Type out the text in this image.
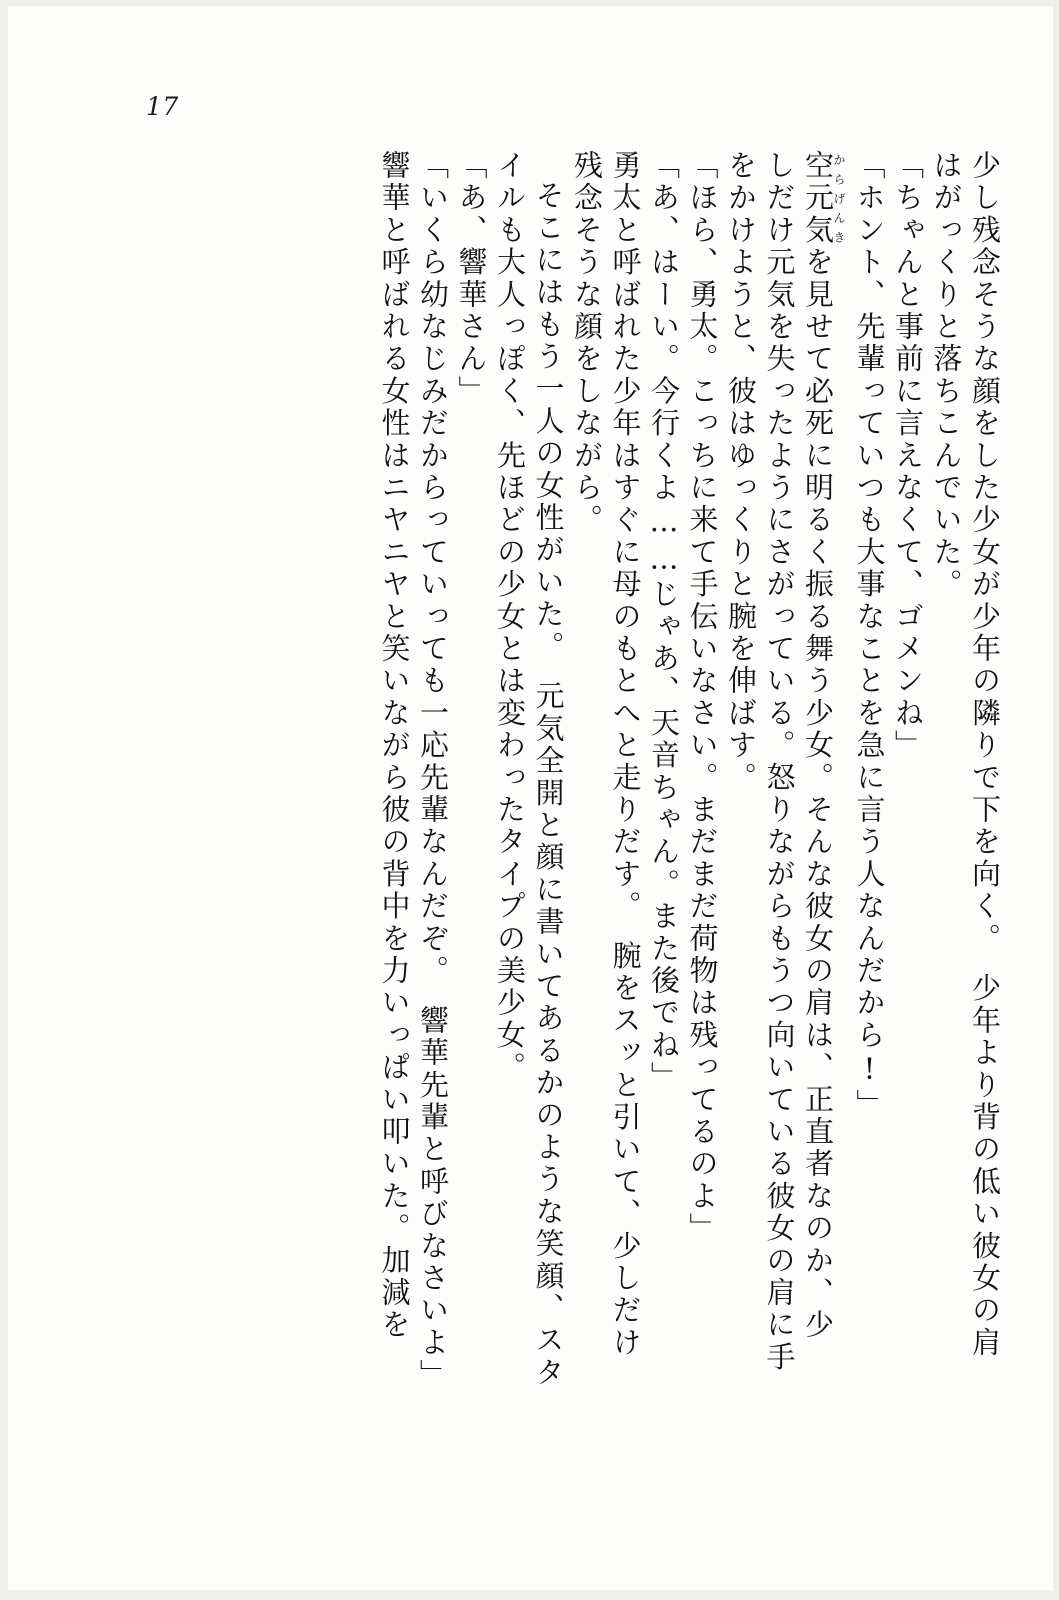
17
少し残念そうな顔をした少女が少年の隣りで下を向く。　少年より背の低い彼女の肩
はがっくりと落ちこんでいた。
「ちゃんと事前に言えなくて、ゴメンね」
「ホント、先輩っていつも大事なことを急に言う人なんだから!」
空元気からげんきを見せて必死に明るく振る舞う少女。そんな彼女の肩は、正直者なのか、少
しだけ元気を失ったようにさがっている。怒りながらもうつ向いている彼女の肩に手
をかけようと、彼はゆっくりと腕を伸ばす。
「ほら、勇太。こっちに来て手伝いなさい。まだまだ荷物は残ってるのよ」
「あ、はーい。今行くよ……じゃあ、天音ちゃん。また後でね」
勇太と呼ばれた少年はすぐに母のもとへと走りだす。　腕をスッと引いて、少しだけ
残念そうな顔をしながら。
そこにはもう一人の女性がいた。　元気全開と顔に書いてあるかのような笑顔、スタ
イルも大人っぽく、先ほどの少女とは変わったタイプの美少女。
「あ、響華さん」
「いくら幼なじみだからっていっても一応先輩なんだぞ。　響華先輩と呼びなさいよ」
響華と呼ばれる女性はニヤニヤと笑いながら彼の背中を力いっぱい叩いた。加減を
